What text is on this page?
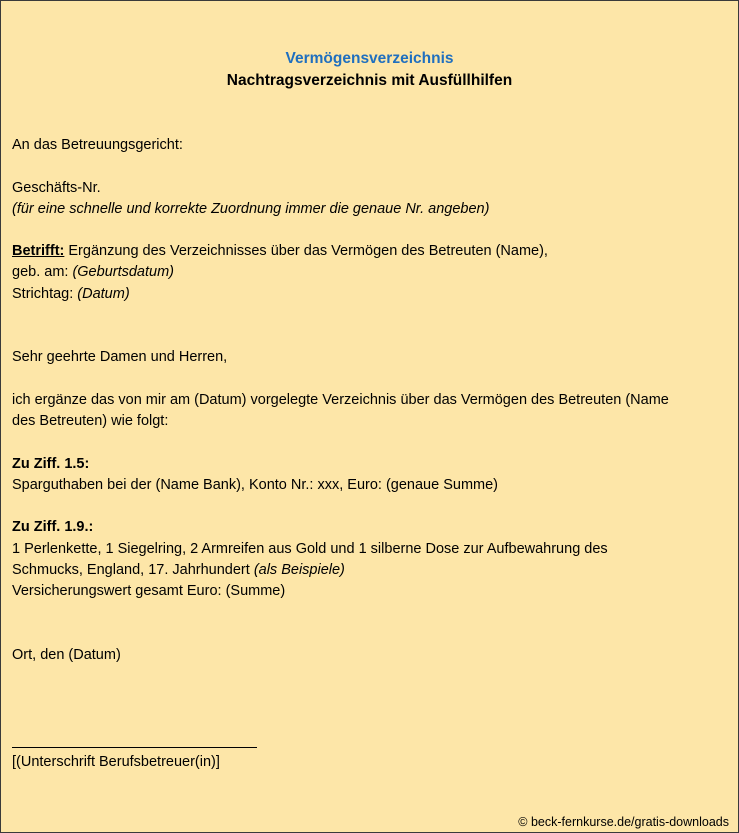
Vermögensverzeichnis
Nachtragsverzeichnis mit Ausfüllhilfen
An das Betreuungsgericht:
Geschäfts-Nr.
(für eine schnelle und korrekte Zuordnung immer die genaue Nr. angeben)
Betrifft: Ergänzung des Verzeichnisses über das Vermögen des Betreuten (Name),
geb. am: (Geburtsdatum)
Strichtag: (Datum)
Sehr geehrte Damen und Herren,
ich ergänze das von mir am (Datum) vorgelegte Verzeichnis über das Vermögen des Betreuten (Name
des Betreuten) wie folgt:
Zu Ziff. 1.5:
Sparguthaben bei der (Name Bank), Konto Nr.: xxx, Euro: (genaue Summe)
Zu Ziff. 1.9.:
1 Perlenkette, 1 Siegelring, 2 Armreifen aus Gold und 1 silberne Dose zur Aufbewahrung des
Schmucks, England, 17. Jahrhundert (als Beispiele)
Versicherungswert gesamt Euro: (Summe)
Ort, den (Datum)
[(Unterschrift Berufsbetreuer(in)]
© beck-fernkurse.de/gratis-downloads
